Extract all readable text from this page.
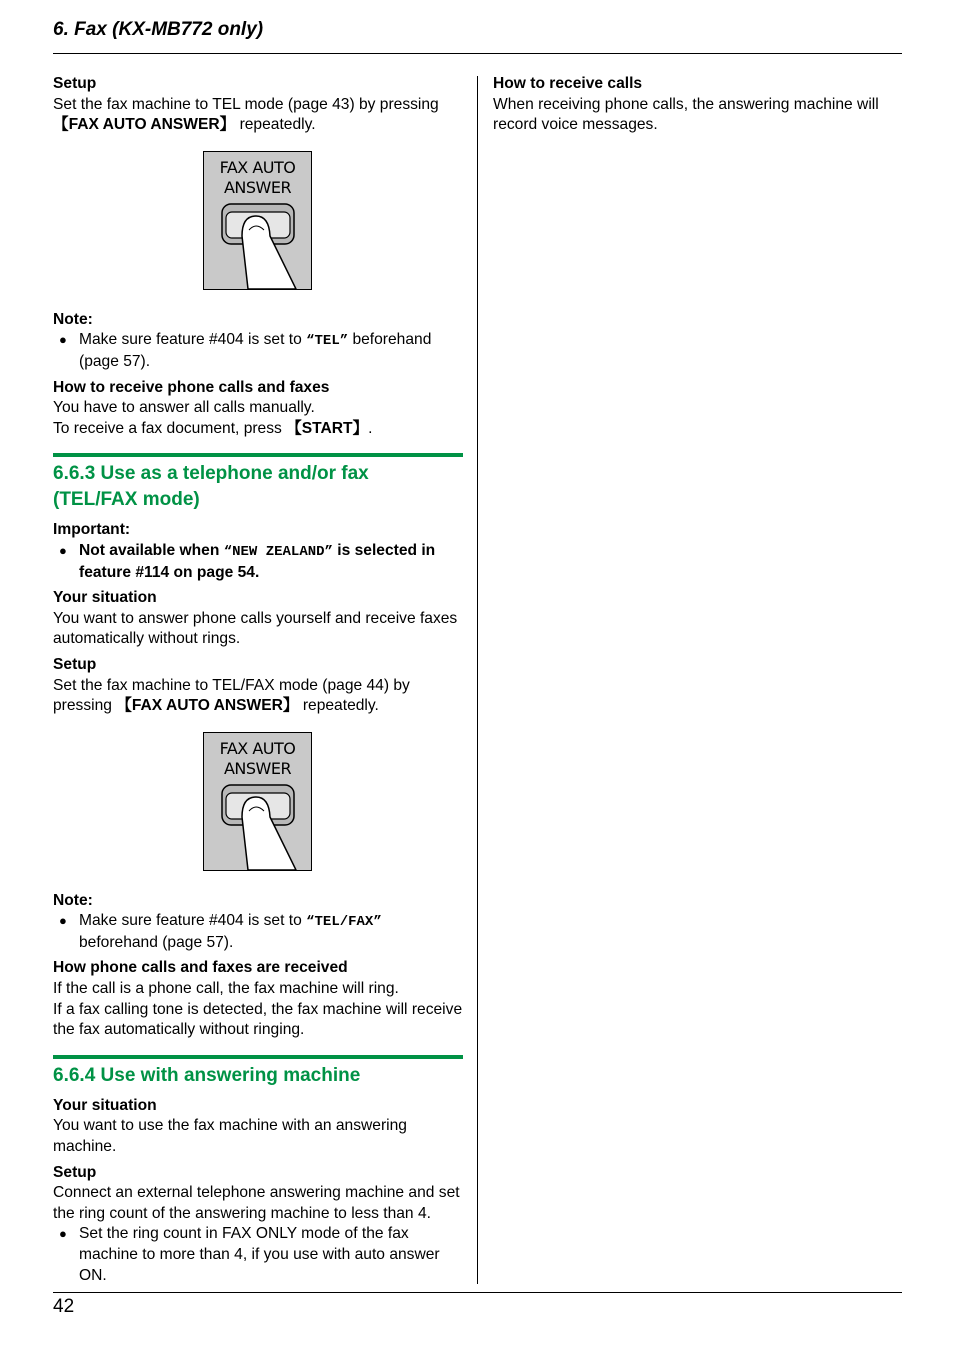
6. Fax (KX-MB772 only)

Setup

Set the fax machine to TEL mode (page 43) by pressing 【FAX AUTO ANSWER】 repeatedly.

FAX AUTO
ANSWER

Note:

● Make sure feature #404 is set to “TEL” beforehand (page 57).

How to receive phone calls and faxes

You have to answer all calls manually.

To receive a fax document, press 【START】.

6.6.3 Use as a telephone and/or fax
(TEL/FAX mode)

Important:

● Not available when “NEW ZEALAND” is selected in feature #114 on page 54.

Your situation

You want to answer phone calls yourself and receive faxes automatically without rings.

Setup

Set the fax machine to TEL/FAX mode (page 44) by pressing 【FAX AUTO ANSWER】 repeatedly.

FAX AUTO
ANSWER

Note:

● Make sure feature #404 is set to “TEL/FAX” beforehand (page 57).

How phone calls and faxes are received

If the call is a phone call, the fax machine will ring.

If a fax calling tone is detected, the fax machine will receive the fax automatically without ringing.

6.6.4 Use with answering machine

Your situation

You want to use the fax machine with an answering machine.

Setup

Connect an external telephone answering machine and set the ring count of the answering machine to less than 4.

● Set the ring count in FAX ONLY mode of the fax machine to more than 4, if you use with auto answer ON.

How to receive calls

When receiving phone calls, the answering machine will record voice messages.

42
